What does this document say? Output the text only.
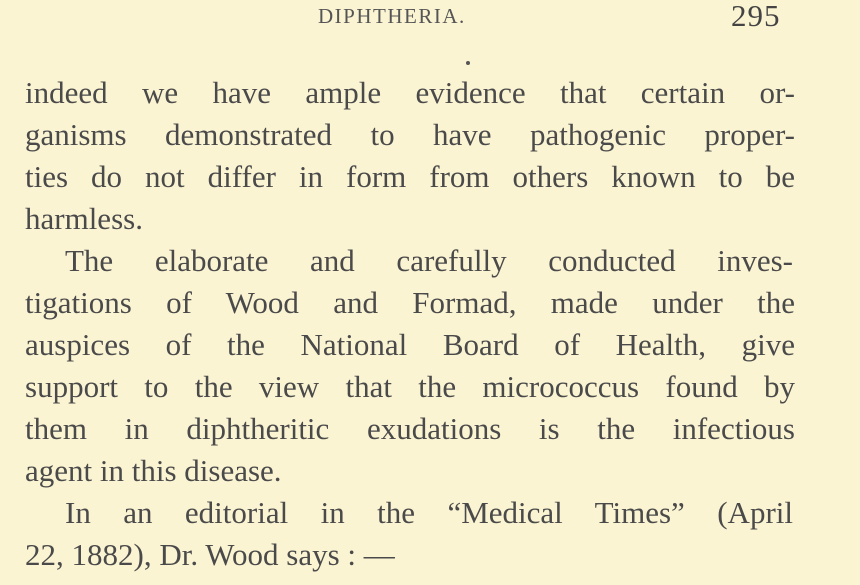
DIPHTHERIA.	295
indeed we have ample evidence that certain or-
ganisms demonstrated to have pathogenic proper-
ties do not differ in form from others known to be
harmless.
The elaborate and carefully conducted inves-
tigations of Wood and Formad, made under the
auspices of the National Board of Health, give
support to the view that the micrococcus found by
them in diphtheritic exudations is the infectious
agent in this disease.
In an editorial in the “Medical Times” (April
22, 1882), Dr. Wood says : —
